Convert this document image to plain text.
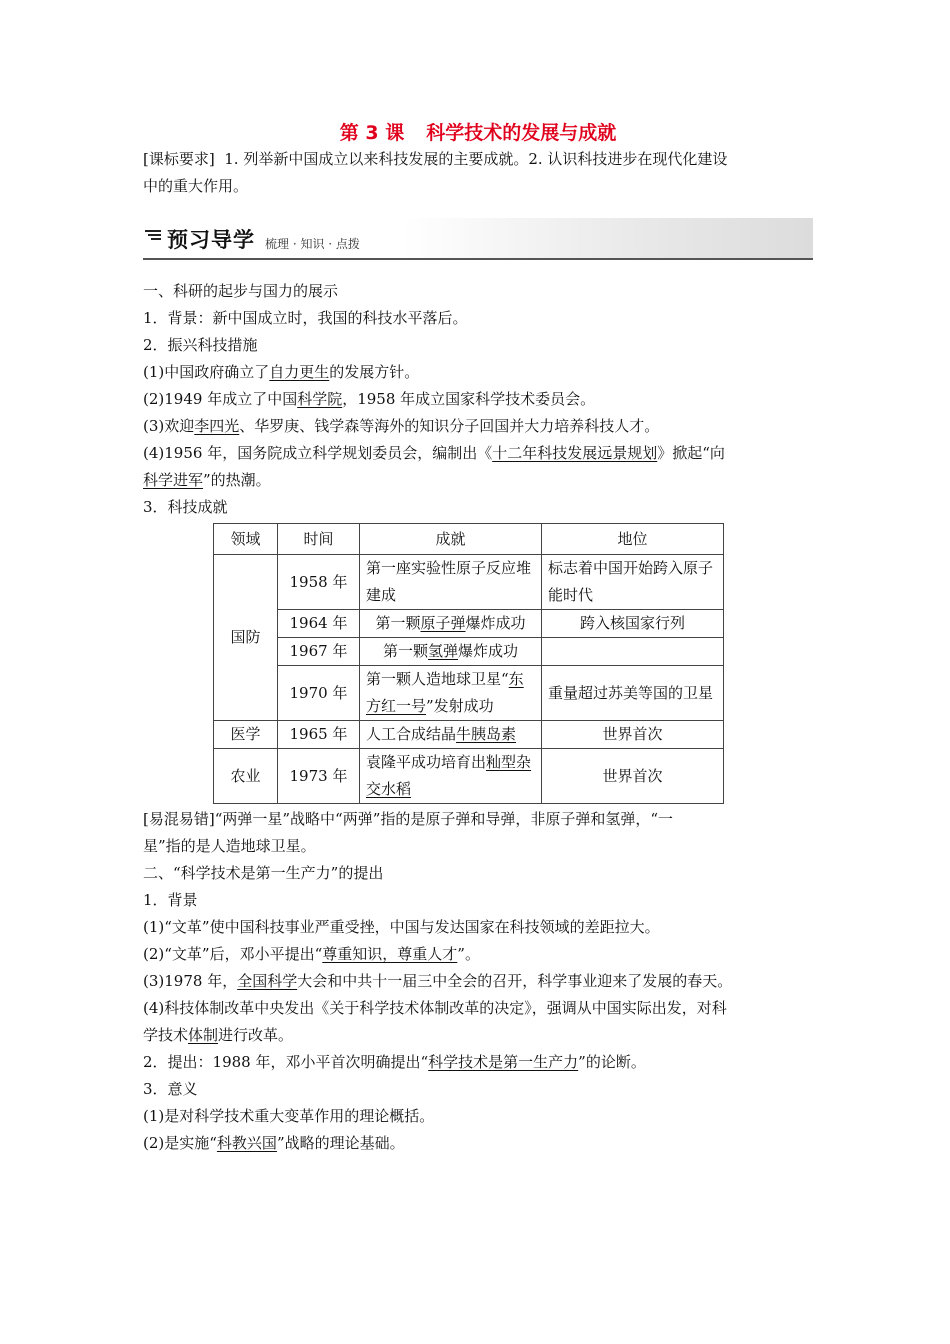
第 3 课 科学技术的发展与成就

[课标要求] 1. 列举新中国成立以来科技发展的主要成就。2. 认识科技进步在现代化建设
中的重大作用。

预习导学 梳理 · 知识 · 点拨

一、科研的起步与国力的展示

1．背景：新中国成立时，我国的科技水平落后。

2．振兴科技措施

(1)中国政府确立了自力更生的发展方针。

(2)1949 年成立了中国科学院，1958 年成立国家科学技术委员会。

(3)欢迎李四光、华罗庚、钱学森等海外的知识分子回国并大力培养科技人才。

(4)1956 年，国务院成立科学规划委员会，编制出《十二年科技发展远景规划》掀起“向
科学进军”的热潮。

3．科技成就

领域	时间	成就	地位
国防	1958 年	第一座实验性原子反应堆建成	标志着中国开始跨入原子能时代
	1964 年	第一颗原子弹爆炸成功	跨入核国家行列
	1967 年	第一颗氢弹爆炸成功	
	1970 年	第一颗人造地球卫星“东方红一号”发射成功	重量超过苏美等国的卫星
医学	1965 年	人工合成结晶牛胰岛素	世界首次
农业	1973 年	袁隆平成功培育出籼型杂交水稻	世界首次

[易混易错]“两弹一星”战略中“两弹”指的是原子弹和导弹，非原子弹和氢弹，“一
星”指的是人造地球卫星。

二、“科学技术是第一生产力”的提出

1．背景

(1)“文革”使中国科技事业严重受挫，中国与发达国家在科技领域的差距拉大。

(2)“文革”后，邓小平提出“尊重知识，尊重人才”。

(3)1978 年，全国科学大会和中共十一届三中全会的召开，科学事业迎来了发展的春天。

(4)科技体制改革中央发出《关于科学技术体制改革的决定》，强调从中国实际出发，对科
学技术体制进行改革。

2．提出：1988 年，邓小平首次明确提出“科学技术是第一生产力”的论断。

3．意义

(1)是对科学技术重大变革作用的理论概括。

(2)是实施“科教兴国”战略的理论基础。
